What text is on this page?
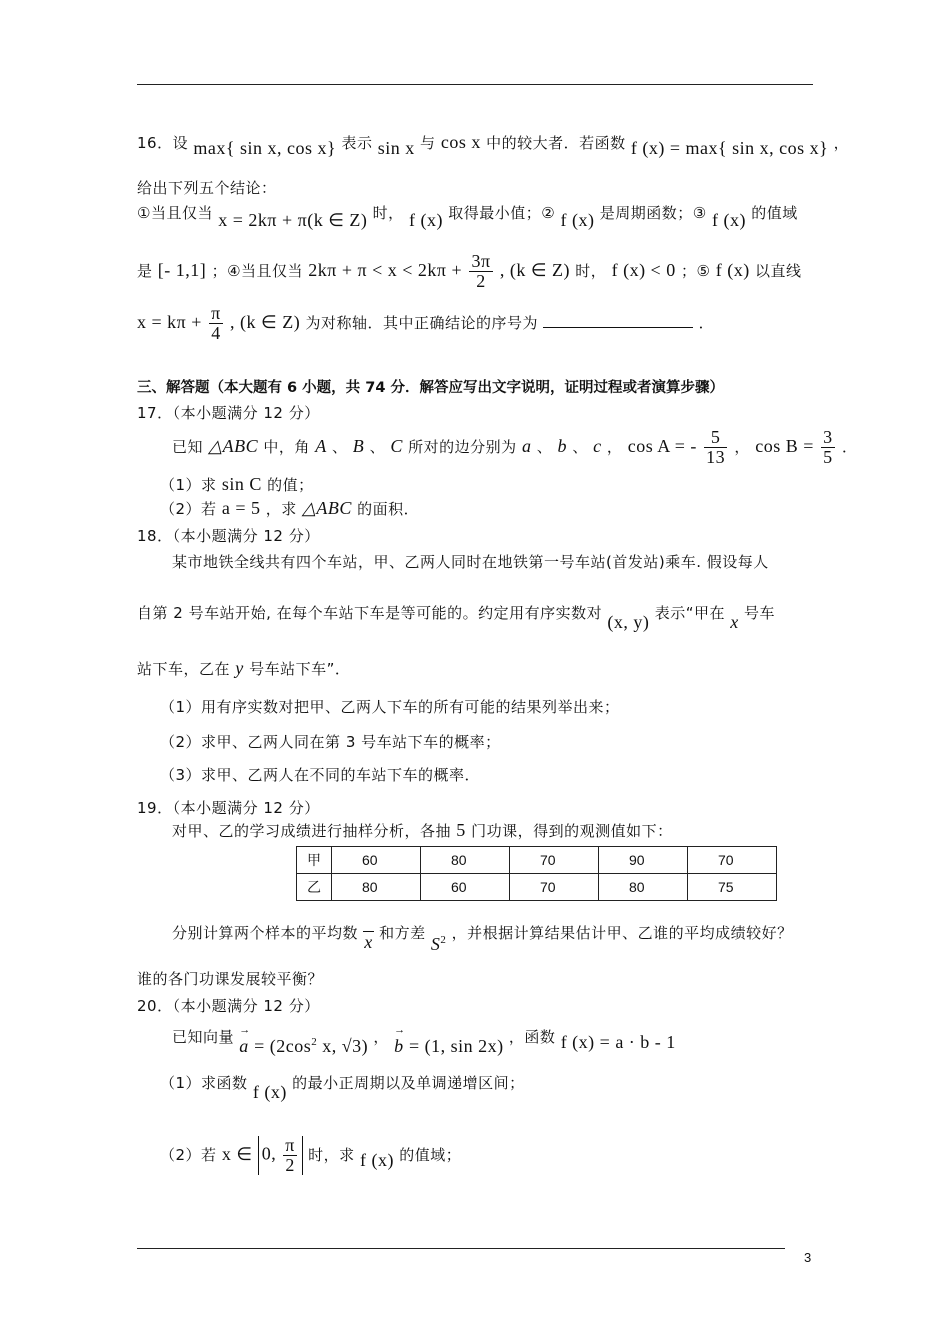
16．设 max{ sin x, cos x} 表示 sin x 与 cos x 中的较大者．若函数 f (x) = max{ sin x, cos x} ，
给出下列五个结论：
①当且仅当 x = 2kπ + π(k ∈ Z) 时， f (x) 取得最小值；② f (x) 是周期函数；③ f (x) 的值域
是 [- 1,1] ；④当且仅当 $2k\pi + \pi < x < 2k\pi + \frac{3\pi}{2}$ , (k ∈ Z) 时， f (x) < 0 ；⑤ f (x) 以直线
$x = k\pi + \frac{\pi}{4}$ , (k ∈ Z) 为对称轴．其中正确结论的序号为	．
三、解答题（本大题有 6 小题，共 74 分．解答应写出文字说明，证明过程或者演算步骤）
17．（本小题满分 12 分）
已知 △ABC 中，角 A 、 B 、 C 所对的边分别为 a 、 b 、 c ， cos A = - $\frac{5}{13}$ ， $\cos B = \frac{3}{5}$ ．
（1）求 sin C 的值；
（2）若 a = 5 ，求 △ABC 的面积．
18．（本小题满分 12 分）
某市地铁全线共有四个车站，甲、乙两人同时在地铁第一号车站(首发站)乘车. 假设每人
自第 2 号车站开始, 在每个车站下车是等可能的。约定用有序实数对 (x, y) 表示“甲在 x 号车
站下车，乙在 y 号车站下车”．
（1）用有序实数对把甲、乙两人下车的所有可能的结果列举出来；
（2）求甲、乙两人同在第 3 号车站下车的概率；
（3）求甲、乙两人在不同的车站下车的概率．
19．（本小题满分 12 分）
对甲、乙的学习成绩进行抽样分析，各抽 5 门功课，得到的观测值如下：
甲	60	80	70	90	70
乙	80	60	70	80	75
分别计算两个样本的平均数 x 和方差 $S^2$ ，并根据计算结果估计甲、乙谁的平均成绩较好？
谁的各门功课发展较平衡？
20．（本小题满分 12 分）
已知向量 →
$a = (2\cos^2$ x, √3) ， →
b = (1, sin 2x) ，函数 f (x) = a · b - 1
（1）求函数 f (x) 的最小正周期以及单调递增区间；
（2）若 x ∈ 0, $\frac{\pi}{2}$ 时，求 f (x) 的值域；
3
